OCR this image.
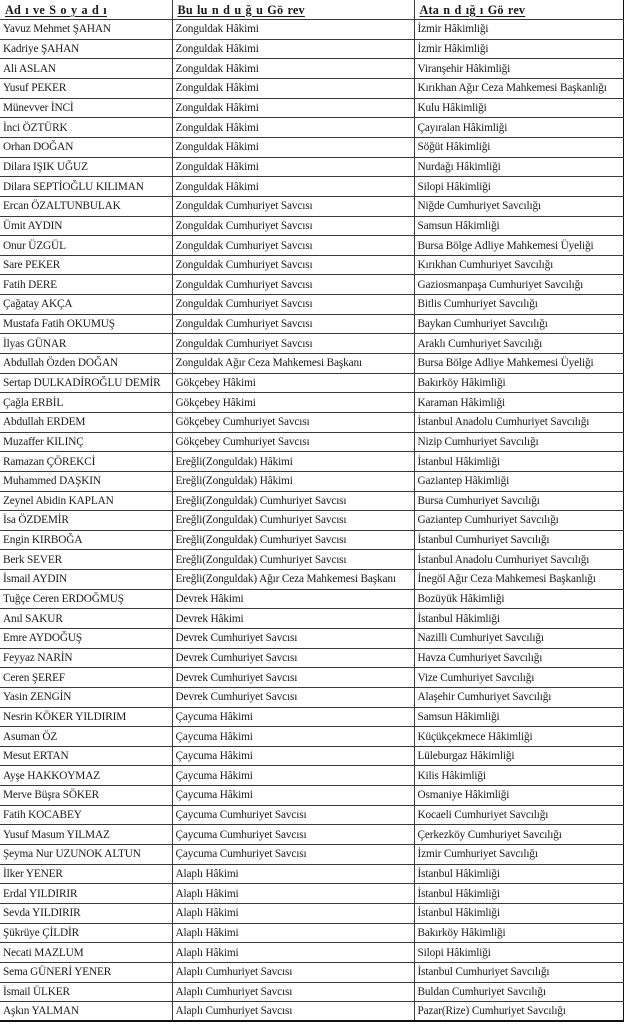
Ad ı ve S o y a d ı	Bu lu n d u ğ u Gö rev	Ata n d ığ ı Gö rev
Yavuz Mehmet ŞAHAN	Zonguldak Hâkimi	İzmir Hâkimliği
Kadriye ŞAHAN	Zonguldak Hâkimi	İzmir Hâkimliği
Ali ASLAN	Zonguldak Hâkimi	Viranşehir Hâkimliği
Yusuf PEKER	Zonguldak Hâkimi	Kırıkhan Ağır Ceza Mahkemesi Başkanlığı
Münevver İNCİ	Zonguldak Hâkimi	Kulu Hâkimliği
İnci ÖZTÜRK	Zonguldak Hâkimi	Çayıralan Hâkimliği
Orhan DOĞAN	Zonguldak Hâkimi	Söğüt Hâkimliği
Dilara IŞIK UĞUZ	Zonguldak Hâkimi	Nurdağı Hâkimliği
Dilara SEPTİOĞLU KILIMAN	Zonguldak Hâkimi	Silopi Hâkimliği
Ercan ÖZALTUNBULAK	Zonguldak Cumhuriyet Savcısı	Niğde Cumhuriyet Savcılığı
Ümit AYDIN	Zonguldak Cumhuriyet Savcısı	Samsun Hâkimliği
Onur ÜZGÜL	Zonguldak Cumhuriyet Savcısı	Bursa Bölge Adliye Mahkemesi Üyeliği
Sare PEKER	Zonguldak Cumhuriyet Savcısı	Kırıkhan Cumhuriyet Savcılığı
Fatih DERE	Zonguldak Cumhuriyet Savcısı	Gaziosmanpaşa Cumhuriyet Savcılığı
Çağatay AKÇA	Zonguldak Cumhuriyet Savcısı	Bitlis Cumhuriyet Savcılığı
Mustafa Fatih OKUMUŞ	Zonguldak Cumhuriyet Savcısı	Baykan Cumhuriyet Savcılığı
İlyas GÜNAR	Zonguldak Cumhuriyet Savcısı	Araklı Cumhuriyet Savcılığı
Abdullah Özden DOĞAN	Zonguldak Ağır Ceza Mahkemesi Başkanı	Bursa Bölge Adliye Mahkemesi Üyeliği
Sertap DULKADİROĞLU DEMİR	Gökçebey Hâkimi	Bakırköy Hâkimliği
Çağla ERBİL	Gökçebey Hâkimi	Karaman Hâkimliği
Abdullah ERDEM	Gökçebey Cumhuriyet Savcısı	İstanbul Anadolu Cumhuriyet Savcılığı
Muzaffer KILINÇ	Gökçebey Cumhuriyet Savcısı	Nizip Cumhuriyet Savcılığı
Ramazan ÇÖREKCİ	Ereğli(Zonguldak) Hâkimi	İstanbul Hâkimliği
Muhammed DAŞKIN	Ereğli(Zonguldak) Hâkimi	Gaziantep Hâkimliği
Zeynel Abidin KAPLAN	Ereğli(Zonguldak) Cumhuriyet Savcısı	Bursa Cumhuriyet Savcılığı
İsa ÖZDEMİR	Ereğli(Zonguldak) Cumhuriyet Savcısı	Gaziantep Cumhuriyet Savcılığı
Engin KIRBOĞA	Ereğli(Zonguldak) Cumhuriyet Savcısı	İstanbul Cumhuriyet Savcılığı
Berk SEVER	Ereğli(Zonguldak) Cumhuriyet Savcısı	İstanbul Anadolu Cumhuriyet Savcılığı
İsmail AYDIN	Ereğli(Zonguldak) Ağır Ceza Mahkemesi Başkanı	İnegöl Ağır Ceza Mahkemesi Başkanlığı
Tuğçe Ceren ERDOĞMUŞ	Devrek Hâkimi	Bozüyük Hâkimliği
Anıl SAKUR	Devrek Hâkimi	İstanbul Hâkimliği
Emre AYDOĞUŞ	Devrek Cumhuriyet Savcısı	Nazilli Cumhuriyet Savcılığı
Feyyaz NARİN	Devrek Cumhuriyet Savcısı	Havza Cumhuriyet Savcılığı
Ceren ŞEREF	Devrek Cumhuriyet Savcısı	Vize Cumhuriyet Savcılığı
Yasin ZENGİN	Devrek Cumhuriyet Savcısı	Alaşehir Cumhuriyet Savcılığı
Nesrin KÖKER YILDIRIM	Çaycuma Hâkimi	Samsun Hâkimliği
Asuman ÖZ	Çaycuma Hâkimi	Küçükçekmece Hâkimliği
Mesut ERTAN	Çaycuma Hâkimi	Lüleburgaz Hâkimliği
Ayşe HAKKOYMAZ	Çaycuma Hâkimi	Kilis Hâkimliği
Merve Büşra SÖKER	Çaycuma Hâkimi	Osmaniye Hâkimliği
Fatih KOCABEY	Çaycuma Cumhuriyet Savcısı	Kocaeli Cumhuriyet Savcılığı
Yusuf Masum YILMAZ	Çaycuma Cumhuriyet Savcısı	Çerkezköy Cumhuriyet Savcılığı
Şeyma Nur UZUNOK ALTUN	Çaycuma Cumhuriyet Savcısı	İzmir Cumhuriyet Savcılığı
İlker YENER	Alaplı Hâkimi	İstanbul Hâkimliği
Erdal YILDIRIR	Alaplı Hâkimi	İstanbul Hâkimliği
Sevda YILDIRIR	Alaplı Hâkimi	İstanbul Hâkimliği
Şükrüye ÇİLDİR	Alaplı Hâkimi	Bakırköy Hâkimliği
Necati MAZLUM	Alaplı Hâkimi	Silopi Hâkimliği
Sema GÜNERİ YENER	Alaplı Cumhuriyet Savcısı	İstanbul Cumhuriyet Savcılığı
İsmail ÜLKER	Alaplı Cumhuriyet Savcısı	Buldan Cumhuriyet Savcılığı
Aşkın YALMAN	Alaplı Cumhuriyet Savcısı	Pazar(Rize) Cumhuriyet Savcılığı
